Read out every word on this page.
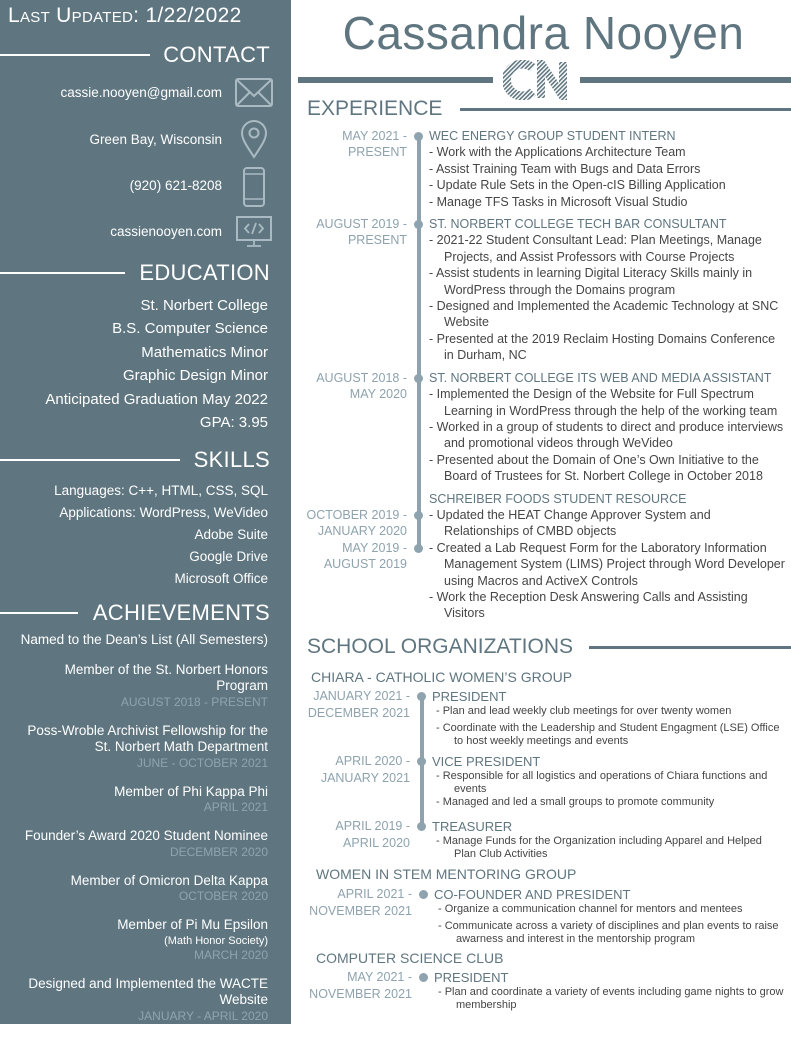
Last Updated: 1/22/2022
CONTACT
cassie.nooyen@gmail.com
Green Bay, Wisconsin
(920) 621-8208
cassienooyen.com
EDUCATION
St. Norbert College
B.S. Computer Science
Mathematics Minor
Graphic Design Minor
Anticipated Graduation May 2022
GPA: 3.95
SKILLS
Languages: C++, HTML, CSS, SQL
Applications: WordPress, WeVideo
Adobe Suite
Google Drive
Microsoft Office
ACHIEVEMENTS
Named to the Dean’s List (All Semesters)
Member of the St. Norbert Honors Program
AUGUST 2018 - PRESENT
Poss-Wroble Archivist Fellowship for the St. Norbert Math Department
JUNE - OCTOBER 2021
Member of Phi Kappa Phi
APRIL 2021
Founder’s Award 2020 Student Nominee
DECEMBER 2020
Member of Omicron Delta Kappa
OCTOBER 2020
Member of Pi Mu Epsilon
(Math Honor Society)
MARCH 2020
Designed and Implemented the WACTE Website
JANUARY - APRIL 2020
Cassandra Nooyen
EXPERIENCE
MAY 2021 -
PRESENT
WEC ENERGY GROUP STUDENT INTERN
- Work with the Applications Architecture Team
- Assist Training Team with Bugs and Data Errors
- Update Rule Sets in the Open-cIS Billing Application
- Manage TFS Tasks in Microsoft Visual Studio
AUGUST 2019 -
PRESENT
ST. NORBERT COLLEGE TECH BAR CONSULTANT
- 2021-22 Student Consultant Lead: Plan Meetings, Manage Projects, and Assist Professors with Course Projects
- Assist students in learning Digital Literacy Skills mainly in WordPress through the Domains program
- Designed and Implemented the Academic Technology at SNC Website
- Presented at the 2019 Reclaim Hosting Domains Conference in Durham, NC
AUGUST 2018 -
MAY 2020
ST. NORBERT COLLEGE ITS WEB AND MEDIA ASSISTANT
- Implemented the Design of the Website for Full Spectrum Learning in WordPress through the help of the working team
- Worked in a group of students to direct and produce interviews and promotional videos through WeVideo
- Presented about the Domain of One’s Own Initiative to the Board of Trustees for St. Norbert College in October 2018
SCHREIBER FOODS STUDENT RESOURCE
OCTOBER 2019 -
JANUARY 2020
- Updated the HEAT Change Approver System and Relationships of CMBD objects
MAY 2019 -
AUGUST 2019
- Created a Lab Request Form for the Laboratory Information Management System (LIMS) Project through Word Developer using Macros and ActiveX Controls
- Work the Reception Desk Answering Calls and Assisting Visitors
SCHOOL ORGANIZATIONS
CHIARA - CATHOLIC WOMEN’S GROUP
JANUARY 2021 -
DECEMBER 2021
PRESIDENT
- Plan and lead weekly club meetings for over twenty women
- Coordinate with the Leadership and Student Engagment (LSE) Office to host weekly meetings and events
APRIL 2020 -
JANUARY 2021
VICE PRESIDENT
- Responsible for all logistics and operations of Chiara functions and events
- Managed and led a small groups to promote community
APRIL 2019 -
APRIL 2020
TREASURER
- Manage Funds for the Organization including Apparel and Helped Plan Club Activities
WOMEN IN STEM MENTORING GROUP
APRIL 2021 -
NOVEMBER 2021
CO-FOUNDER AND PRESIDENT
- Organize a communication channel for mentors and mentees
- Communicate across a variety of disciplines and plan events to raise awarness and interest in the mentorship program
COMPUTER SCIENCE CLUB
MAY 2021 -
NOVEMBER 2021
PRESIDENT
- Plan and coordinate a variety of events including game nights to grow membership
